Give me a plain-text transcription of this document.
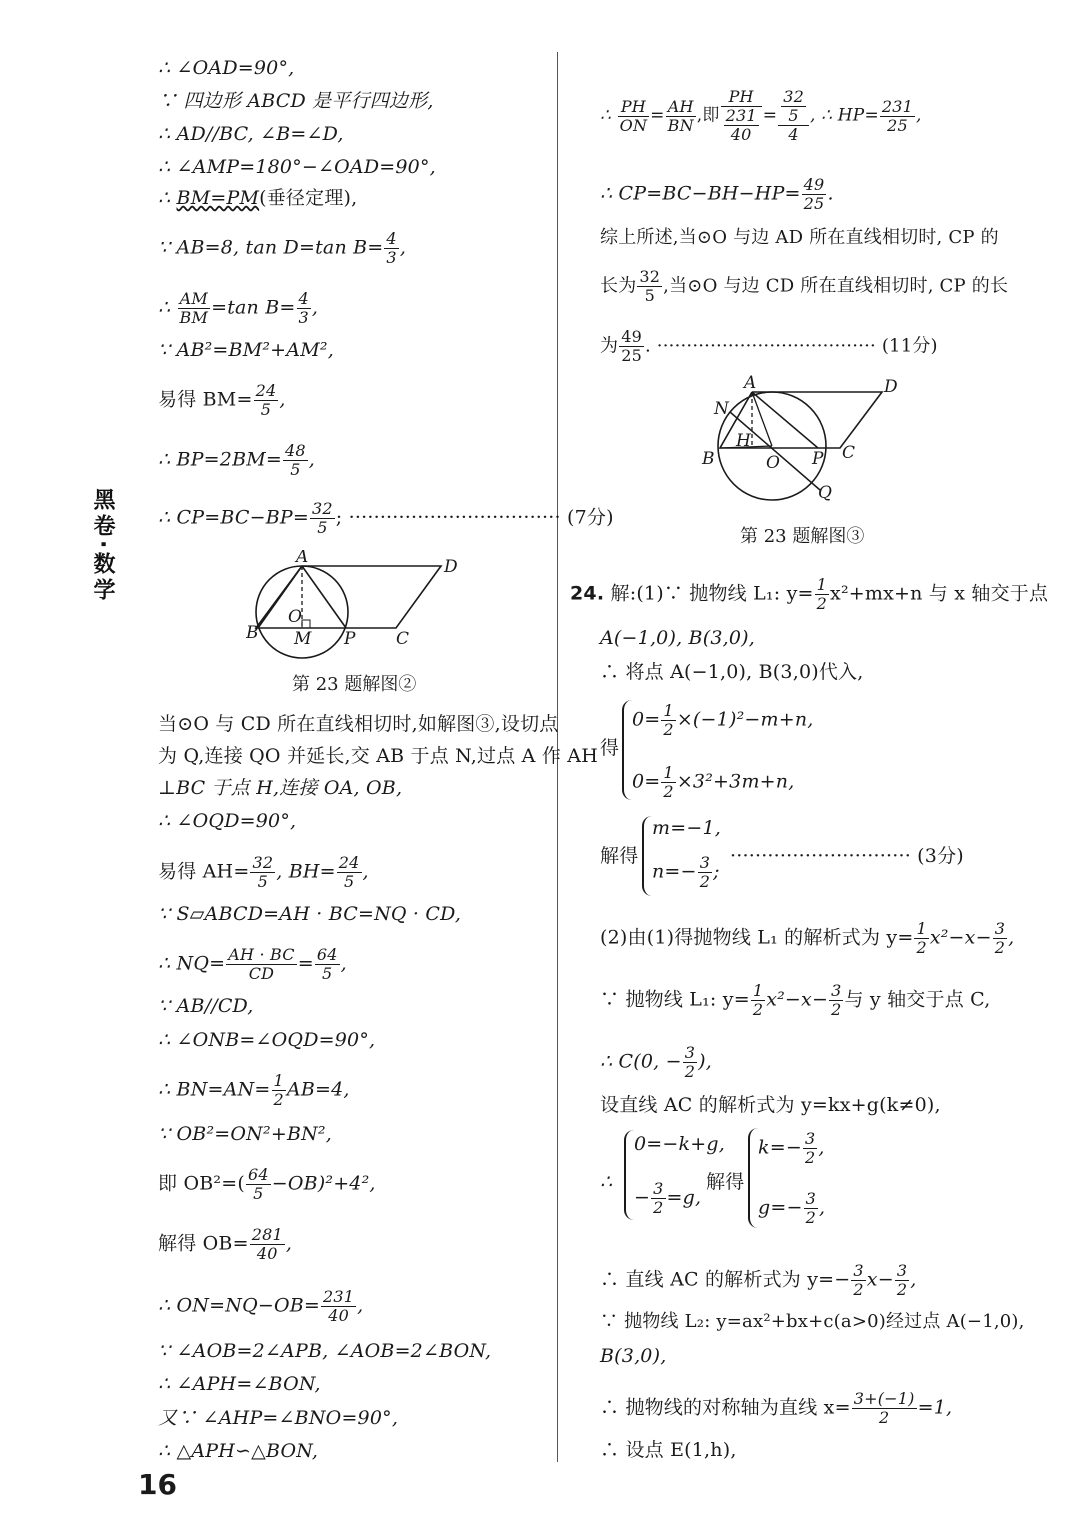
黑卷·数学
16
∴ ∠OAD=90°,
∵ 四边形 ABCD 是平行四边形,
∴ AD//BC, ∠B=∠D,
∴ ∠AMP=180°−∠OAD=90°,
∴ BM=PM(垂径定理),
∵ AB=8, tan D=tan $B= \frac{4}{3}$ ,
∴ $\frac{AM}{BM} =\tan$ $B= \frac{4}{3}$ ,
∵ AB²=BM²+AM²,
易得 $BM= \frac{24}{5}$ ,
∴ $BP=2BM= \frac{48}{5}$ ,
∴ $CP=BC-BP= \frac{32}{5}$ ; ·································· (7分)
A	D
O
B M P C
第 23 题解图②
当⊙O 与 CD 所在直线相切时,如解图③,设切点
为 Q,连接 QO 并延长,交 AB 于点 N,过点 A 作 AH
⊥BC 于点 H,连接 OA, OB,
∴ ∠OQD=90°,
易得 $AH= \frac{32}{5}$ , $BH= \frac{24}{5}$ ,
∵ S▱ABCD=AH · BC=NQ · CD,
∴ $NQ= \frac{AH \cdot BC}{CD} = \frac{64}{5}$ ,
∵ AB//CD,
∴ ∠ONB=∠OQD=90°,
∴ $BN=AN= \frac{1}{2} AB=4$,
∵ OB²=ON²+BN²,
即 $OB^2=( \frac{64}{5} -OB)^2+4^2$,
解得 $OB= \frac{281}{40}$ ,
∴ $ON=NQ-OB= \frac{231}{40}$ ,
∵ ∠AOB=2∠APB, ∠AOB=2∠BON,
∴ ∠APH=∠BON,
又∵ ∠AHP=∠BNO=90°,
∴ △APH∽△BON,
∴ $\frac{PH}{ON} = \frac{AH}{BN}$ ,即 $\frac{PH}{\frac{231}{40}} = \frac{\frac{32}{5}}{4}$ , ∴ $HP= \frac{231}{25}$ ,
∴ $CP=BC-BH-HP= \frac{49}{25}$ .
综上所述,当⊙O 与边 AD 所在直线相切时, CP 的
长为 $\frac{32}{5}$ ,当⊙O 与边 CD 所在直线相切时, CP 的长
为 $\frac{49}{25}$ . ····································· (11分)
A	D
N
H
B	O P C
Q
第 23 题解图③
24. 解:(1)∵ 抛物线 L₁: $y= \frac{1}{2} x^2+mx+n$ 与 x 轴交于点
A(−1,0), B(3,0),
∴ 将点 A(−1,0), B(3,0)代入,
得
$0= \frac{1}{2} \times(-1)^2-m+n$,
$0= \frac{1}{2} \times 3^2+3m+n$,
解得
m=−1,
$n=- \frac{3}{2}$ ;
····························· (3分)
(2)由(1)得抛物线 L₁ 的解析式为 $y= \frac{1}{2} x^2-x- \frac{3}{2}$ ,
∵ 抛物线 L₁: $y= \frac{1}{2} x^2-x- \frac{3}{2}$ 与 y 轴交于点 C,
∴ C(0, − $\frac{3}{2}$ ),
设直线 AC 的解析式为 y=kx+g(k≠0),
∴
0=−k+g,
− $\frac{3}{2} =g$,
解得
$k=- \frac{3}{2}$ ,
$g=- \frac{3}{2}$ ,
∴ 直线 AC 的解析式为 $y=- \frac{3}{2} x- \frac{3}{2}$ ,
∵ 抛物线 L₂: y=ax²+bx+c(a>0)经过点 A(−1,0),
B(3,0),
∴ 抛物线的对称轴为直线 $x= \frac{3+(-1)}{2} =1$,
∴ 设点 E(1,h),
